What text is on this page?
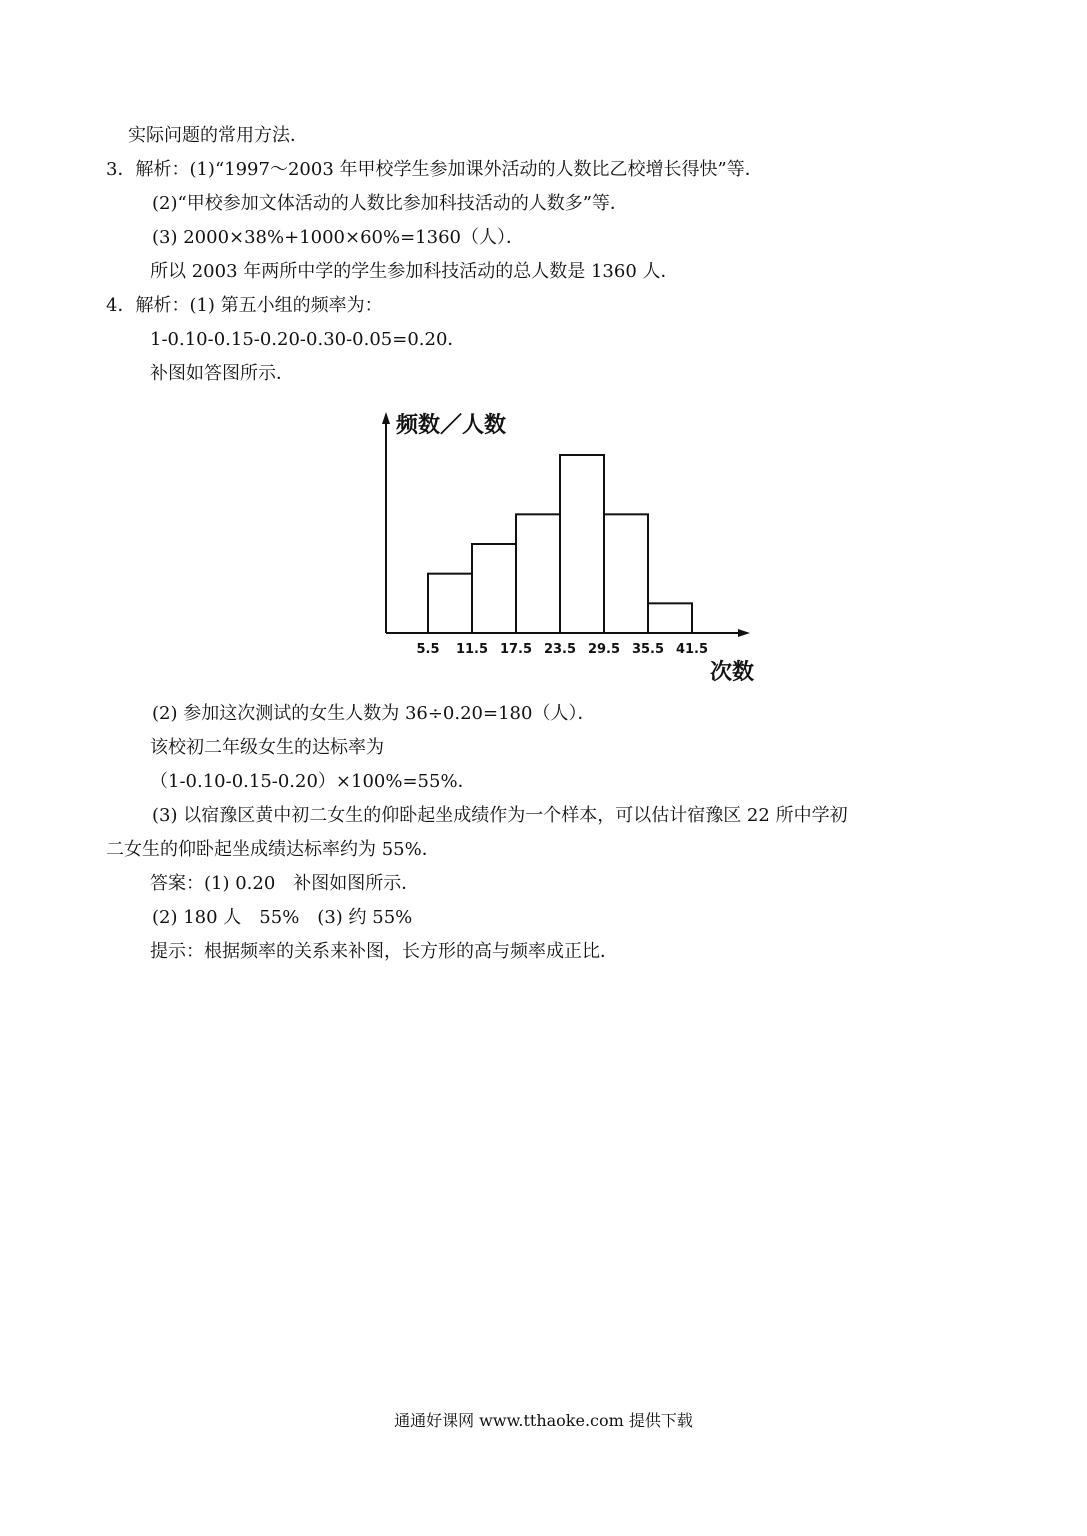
实际问题的常用方法．
3．解析：(1)“1997～2003 年甲校学生参加课外活动的人数比乙校增长得快”等．
(2)“甲校参加文体活动的人数比参加科技活动的人数多”等．
(3) 2000×38%+1000×60%=1360（人）．
所以 2003 年两所中学的学生参加科技活动的总人数是 1360 人．
4．解析：(1) 第五小组的频率为：
1-0.10-0.15-0.20-0.30-0.05=0.20．
补图如答图所示．
5.5 11.5 17.5 23.5 29.5 35.5 41.5
频数／人数
次数
(2) 参加这次测试的女生人数为 36÷0.20=180（人）．
该校初二年级女生的达标率为
（1-0.10-0.15-0.20）×100%=55%．
(3) 以宿豫区黄中初二女生的仰卧起坐成绩作为一个样本，可以估计宿豫区 22 所中学初
二女生的仰卧起坐成绩达标率约为 55%．
答案：(1) 0.20　补图如图所示．
(2) 180 人　55%　(3) 约 55%
提示：根据频率的关系来补图，长方形的高与频率成正比．
通通好课网 www.tthaoke.com 提供下载
